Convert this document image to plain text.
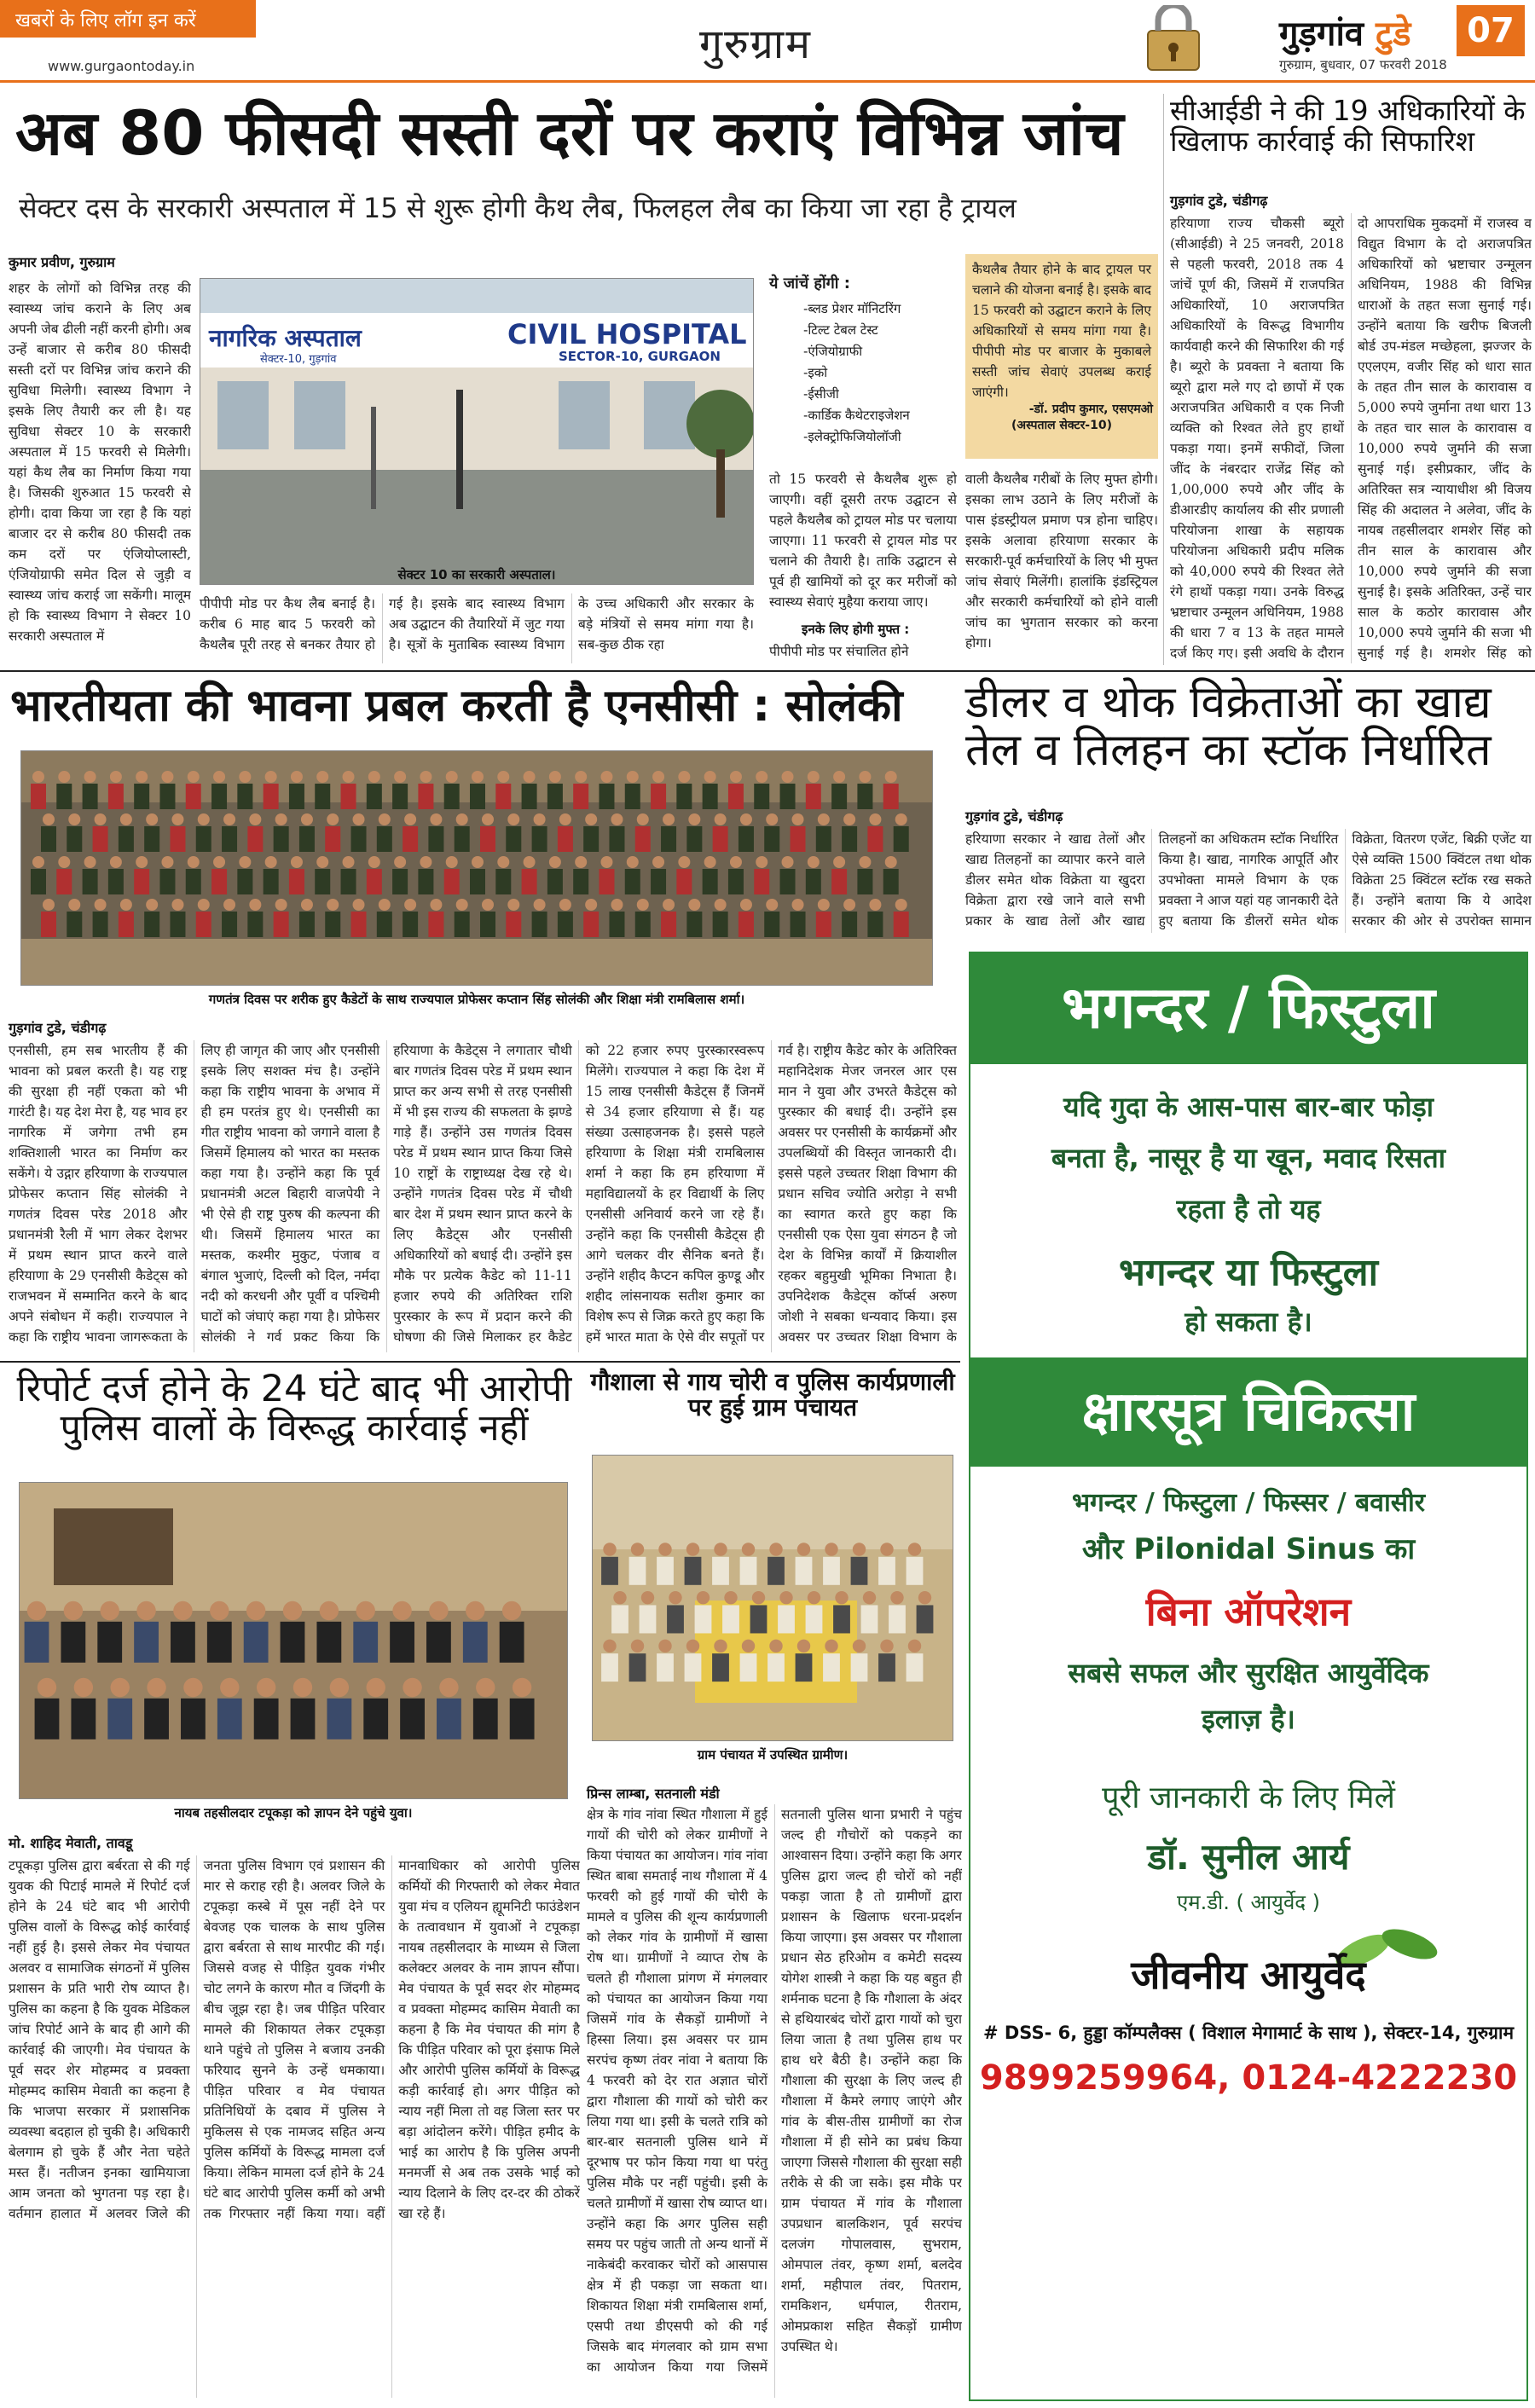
खबरों के लिए लॉग इन करें
www.gurgaontoday.in	गुरुग्राम	गुड़गांव टुडे
गुरुग्राम, बुधवार, 07 फरवरी 2018
07
अब 80 फीसदी सस्ती दरों पर कराएं विभिन्न जांच
सेक्टर दस के सरकारी अस्पताल में 15 से शुरू होगी कैथ लैब, फिलहल लैब का किया जा रहा है ट्रायल
कुमार प्रवीण, गुरुग्राम
शहर के लोगों को विभिन्न तरह की स्वास्थ्य जांच कराने के लिए अब अपनी जेब ढीली नहीं करनी होगी। अब उन्हें बाजार से करीब 80 फीसदी सस्ती दरों पर विभिन्न जांच कराने की सुविधा मिलेगी। स्वास्थ्य विभाग ने इसके लिए तैयारी कर ली है। यह सुविधा सेक्टर 10 के सरकारी अस्पताल में 15 फरवरी से मिलेगी। यहां कैथ लैब का निर्माण किया गया है। जिसकी शुरुआत 15 फरवरी से होगी। दावा किया जा रहा है कि यहां बाजार दर से करीब 80 फीसदी तक कम दरों पर एंजियोप्लास्टी, एंजियोग्राफी समेत दिल से जुड़ी व स्वास्थ्य जांच कराई जा सकेंगी। मालूम हो कि स्वास्थ्य विभाग ने सेक्टर 10 सरकारी अस्पताल में
नागरिक अस्पताल
सेक्टर-10, गुड़गांव
CIVIL HOSPITAL
SECTOR-10, GURGAON
सेक्टर 10 का सरकारी अस्पताल।
पीपीपी मोड पर कैथ लैब बनाई है। करीब 6 माह बाद 5 फरवरी को कैथलैब पूरी तरह से बनकर तैयार हो गई है। इसके बाद स्वास्थ्य विभाग अब उद्घाटन की तैयारियों में जुट गया है। सूत्रों के मुताबिक स्वास्थ्य विभाग के उच्च अधिकारी और सरकार के बड़े मंत्रियों से समय मांगा गया है। सब-कुछ ठीक रहा
ये जांचें होंगी :
-ब्लड प्रेशर मॉनिटरिंग
-टिल्ट टेबल टेस्ट
-एंजियोग्राफी
-इको
-ईसीजी
-कार्डिक कैथेटराइजेशन
-इलेक्ट्रोफिजियोलॉजी
तो 15 फरवरी से कैथलैब शुरू हो जाएगी। वहीं दूसरी तरफ उद्घाटन से पहले कैथलैब को ट्रायल मोड पर चलाया जाएगा। 11 फरवरी से ट्रायल मोड पर चलाने की तैयारी है। ताकि उद्घाटन से पूर्व ही खामियों को दूर कर मरीजों को स्वास्थ्य सेवाएं मुहैया कराया जाए।
इनके लिए होगी मुफ्त :
पीपीपी मोड पर संचालित होने
कैथलैब तैयार होने के बाद ट्रायल पर चलाने की योजना बनाई है। इसके बाद 15 फरवरी को उद्घाटन कराने के लिए अधिकारियों से समय मांगा गया है। पीपीपी मोड पर बाजार के मुकाबले सस्ती जांच सेवाएं उपलब्ध कराई जाएंगी।
-डॉ. प्रदीप कुमार, एसएमओ
(अस्पताल सेक्टर-10)
वाली कैथलैब गरीबों के लिए मुफ्त होगी। इसका लाभ उठाने के लिए मरीजों के पास इंडस्ट्रीयल प्रमाण पत्र होना चाहिए। इसके अलावा हरियाणा सरकार के सरकारी-पूर्व कर्मचारियों के लिए भी मुफ्त जांच सेवाएं मिलेंगी। हालांकि इंडस्ट्रियल और सरकारी कर्मचारियों को होने वाली जांच का भुगतान सरकार को करना होगा।
सीआईडी ने की 19 अधिकारियों के खिलाफ कार्रवाई की सिफारिश
गुड़गांव टुडे, चंडीगढ़
हरियाणा राज्य चौकसी ब्यूरो (सीआईडी) ने 25 जनवरी, 2018 से पहली फरवरी, 2018 तक 4 जांचें पूर्ण की, जिसमें में राजपत्रित अधिकारियों, 10 अराजपत्रित अधिकारियों के विरूद्ध विभागीय कार्यवाही करने की सिफारिश की गई है। ब्यूरो के प्रवक्ता ने बताया कि ब्यूरो द्वारा मले गए दो छापों में एक अराजपत्रित अधिकारी व एक निजी व्यक्ति को रिश्वत लेते हुए हाथों पकड़ा गया। इनमें सफीदों, जिला जींद के नंबरदार राजेंद्र सिंह को 1,00,000 रुपये और जींद के डीआरडीए कार्यालय की सीर प्रणाली परियोजना शाखा के सहायक परियोजना अधिकारी प्रदीप मलिक को 40,000 रुपये की रिश्वत लेते रंगे हाथों पकड़ा गया। उनके विरुद्ध भ्रष्टाचार उन्मूलन अधिनियम, 1988 की धारा 7 व 13 के तहत मामले दर्ज किए गए। इसी अवधि के दौरान दो आपराधिक मुकदमों में राजस्व व विद्युत विभाग के दो अराजपत्रित अधिकारियों को भ्रष्टाचार उन्मूलन अधिनियम, 1988 की विभिन्न धाराओं के तहत सजा सुनाई गई। उन्होंने बताया कि खरीफ बिजली बोर्ड उप-मंडल मच्छेहला, झज्जर के एएलएम, वजीर सिंह को धारा सात के तहत तीन साल के कारावास व 5,000 रुपये जुर्माना तथा धारा 13 के तहत चार साल के कारावास व 10,000 रुपये जुर्माने की सजा सुनाई गई। इसीप्रकार, जींद के अतिरिक्त सत्र न्यायाधीश श्री विजय सिंह की अदालत ने अलेवा, जींद के नायब तहसीलदार शमशेर सिंह को तीन साल के कारावास और 10,000 रुपये जुर्माने की सजा सुनाई है। इसके अतिरिक्त, उन्हें चार साल के कठोर कारावास और 10,000 रुपये जुर्माने की सजा भी सुनाई गई है। शमशेर सिंह को
भारतीयता की भावना प्रबल करती है एनसीसी : सोलंकी
गणतंत्र दिवस पर शरीक हुए कैडेटों के साथ राज्यपाल प्रोफेसर कप्तान सिंह सोलंकी और शिक्षा मंत्री रामबिलास शर्मा।
गुड़गांव टुडे, चंडीगढ़
एनसीसी, हम सब भारतीय हैं की भावना को प्रबल करती है। यह राष्ट्र की सुरक्षा ही नहीं एकता को भी गारंटी है। यह देश मेरा है, यह भाव हर नागरिक में जगेगा तभी हम शक्तिशाली भारत का निर्माण कर सकेंगे। ये उद्गार हरियाणा के राज्यपाल प्रोफेसर कप्तान सिंह सोलंकी ने गणतंत्र दिवस परेड 2018 और प्रधानमंत्री रैली में भाग लेकर देशभर में प्रथम स्थान प्राप्त करने वाले हरियाणा के 29 एनसीसी कैडेट्स को राजभवन में सम्मानित करने के बाद अपने संबोधन में कही। राज्यपाल ने कहा कि राष्ट्रीय भावना जागरूकता के लिए ही जागृत की जाए और एनसीसी इसके लिए सशक्त मंच है। उन्होंने कहा कि राष्ट्रीय भावना के अभाव में ही हम परतंत्र हुए थे। एनसीसी का गीत राष्ट्रीय भावना को जगाने वाला है जिसमें हिमालय को भारत का मस्तक कहा गया है। उन्होंने कहा कि पूर्व प्रधानमंत्री अटल बिहारी वाजपेयी ने भी ऐसे ही राष्ट्र पुरुष की कल्पना की थी। जिसमें हिमालय भारत का मस्तक, कश्मीर मुकुट, पंजाब व बंगाल भुजाएं, दिल्ली को दिल, नर्मदा नदी को करधनी और पूर्वी व पश्चिमी घाटों को जंघाएं कहा गया है। प्रोफेसर सोलंकी ने गर्व प्रकट किया कि हरियाणा के कैडेट्स ने लगातार चौथी बार गणतंत्र दिवस परेड में प्रथम स्थान प्राप्त कर अन्य सभी से तरह एनसीसी में भी इस राज्य की सफलता के झण्डे गाड़े हैं। उन्होंने उस गणतंत्र दिवस परेड में प्रथम स्थान प्राप्त किया जिसे 10 राष्ट्रों के राष्ट्राध्यक्ष देख रहे थे। उन्होंने गणतंत्र दिवस परेड में चौथी बार देश में प्रथम स्थान प्राप्त करने के लिए कैडेट्स और एनसीसी अधिकारियों को बधाई दी। उन्होंने इस मौके पर प्रत्येक कैडेट को 11-11 हजार रुपये की अतिरिक्त राशि पुरस्कार के रूप में प्रदान करने की घोषणा की जिसे मिलाकर हर कैडेट को 22 हजार रुपए पुरस्कारस्वरूप मिलेंगे। राज्यपाल ने कहा कि देश में 15 लाख एनसीसी कैडेट्स हैं जिनमें से 34 हजार हरियाणा से हैं। यह संख्या उत्साहजनक है। इससे पहले हरियाणा के शिक्षा मंत्री रामबिलास शर्मा ने कहा कि हम हरियाणा में महाविद्यालयों के हर विद्यार्थी के लिए एनसीसी अनिवार्य करने जा रहे हैं। उन्होंने कहा कि एनसीसी कैडेट्स ही आगे चलकर वीर सैनिक बनते हैं। उन्होंने शहीद कैप्टन कपिल कुण्डू और शहीद लांसनायक सतीश कुमार का विशेष रूप से जिक्र करते हुए कहा कि हमें भारत माता के ऐसे वीर सपूतों पर गर्व है। राष्ट्रीय कैडेट कोर के अतिरिक्त महानिदेशक मेजर जनरल आर एस मान ने युवा और उभरते कैडेट्स को पुरस्कार की बधाई दी। उन्होंने इस अवसर पर एनसीसी के कार्यक्रमों और उपलब्धियों की विस्तृत जानकारी दी। इससे पहले उच्चतर शिक्षा विभाग की प्रधान सचिव ज्योति अरोड़ा ने सभी का स्वागत करते हुए कहा कि एनसीसी एक ऐसा युवा संगठन है जो देश के विभिन्न कार्यों में क्रियाशील रहकर बहुमुखी भूमिका निभाता है। उपनिदेशक कैडेट्स कॉर्प्स अरुण जोशी ने सबका धन्यवाद किया। इस अवसर पर उच्चतर शिक्षा विभाग के
डीलर व थोक विक्रेताओं का खाद्य तेल व तिलहन का स्टॉक निर्धारित
गुड़गांव टुडे, चंडीगढ़
हरियाणा सरकार ने खाद्य तेलों और खाद्य तिलहनों का व्यापार करने वाले डीलर समेत थोक विक्रेता या खुदरा विक्रेता द्वारा रखे जाने वाले सभी प्रकार के खाद्य तेलों और खाद्य तिलहनों का अधिकतम स्टॉक निर्धारित किया है। खाद्य, नागरिक आपूर्ति और उपभोक्ता मामले विभाग के एक प्रवक्ता ने आज यहां यह जानकारी देते हुए बताया कि डीलरों समेत थोक विक्रेता, वितरण एजेंट, बिक्री एजेंट या ऐसे व्यक्ति 1500 क्विंटल तथा थोक विक्रेता 25 क्विंटल स्टॉक रख सकते हैं। उन्होंने बताया कि ये आदेश सरकार की ओर से उपरोक्त सामान
रिपोर्ट दर्ज होने के 24 घंटे बाद भी आरोपी पुलिस वालों के विरूद्ध कार्रवाई नहीं
नायब तहसीलदार टपूकड़ा को ज्ञापन देने पहुंचे युवा।
मो. शाहिद मेवाती, तावडू
टपूकड़ा पुलिस द्वारा बर्बरता से की गई युवक की पिटाई मामले में रिपोर्ट दर्ज होने के 24 घंटे बाद भी आरोपी पुलिस वालों के विरूद्ध कोई कार्रवाई नहीं हुई है। इससे लेकर मेव पंचायत अलवर व सामाजिक संगठनों में पुलिस प्रशासन के प्रति भारी रोष व्याप्त है। पुलिस का कहना है कि युवक मेडिकल जांच रिपोर्ट आने के बाद ही आगे की कार्रवाई की जाएगी। मेव पंचायत के पूर्व सदर शेर मोहम्मद व प्रवक्ता मोहम्मद कासिम मेवाती का कहना है कि भाजपा सरकार में प्रशासनिक व्यवस्था बदहाल हो चुकी है। अधिकारी बेलगाम हो चुके हैं और नेता चहेते मस्त हैं। नतीजन इनका खामियाजा आम जनता को भुगतना पड़ रहा है। वर्तमान हालात में अलवर जिले की जनता पुलिस विभाग एवं प्रशासन की मार से कराह रही है। अलवर जिले के टपूकड़ा कस्बे में पूस नहीं देने पर बेवजह एक चालक के साथ पुलिस द्वारा बर्बरता से साथ मारपीट की गई। जिससे वजह से पीड़ित युवक गंभीर चोट लगने के कारण मौत व जिंदगी के बीच जूझ रहा है। जब पीड़ित परिवार मामले की शिकायत लेकर टपूकड़ा थाने पहुंचे तो पुलिस ने बजाय उनकी फरियाद सुनने के उन्हें धमकाया। पीड़ित परिवार व मेव पंचायत प्रतिनिधियों के दबाव में पुलिस ने मुकिलस से एक नामजद सहित अन्य पुलिस कर्मियों के विरूद्ध मामला दर्ज किया। लेकिन मामला दर्ज होने के 24 घंटे बाद आरोपी पुलिस कर्मी को अभी तक गिरफ्तार नहीं किया गया। वहीं मानवाधिकार को आरोपी पुलिस कर्मियों की गिरफ्तारी को लेकर मेवात युवा मंच व एलियन ह्यूमनिटी फाउंडेशन के तत्वावधान में युवाओं ने टपूकड़ा नायब तहसीलदार के माध्यम से जिला कलेक्टर अलवर के नाम ज्ञापन सौंपा। मेव पंचायत के पूर्व सदर शेर मोहम्मद व प्रवक्ता मोहम्मद कासिम मेवाती का कहना है कि मेव पंचायत की मांग है कि पीड़ित परिवार को पूरा इंसाफ मिले और आरोपी पुलिस कर्मियों के विरूद्ध कड़ी कार्रवाई हो। अगर पीड़ित को न्याय नहीं मिला तो वह जिला स्तर पर बड़ा आंदोलन करेंगे। पीड़ित हमीद के भाई का आरोप है कि पुलिस अपनी मनमर्जी से अब तक उसके भाई को न्याय दिलाने के लिए दर-दर की ठोकरें खा रहे हैं।
गौशाला से गाय चोरी व पुलिस कार्यप्रणाली पर हुई ग्राम पंचायत
ग्राम पंचायत में उपस्थित ग्रामीण।
प्रिन्स लाम्बा, सतनाली मंडी
क्षेत्र के गांव नांवा स्थित गौशाला में हुई गायों की चोरी को लेकर ग्रामीणों ने किया पंचायत का आयोजन। गांव नांवा स्थित बाबा समताई नाथ गौशाला में 4 फरवरी को हुई गायों की चोरी के मामले व पुलिस की शून्य कार्यप्रणाली को लेकर गांव के ग्रामीणों में खासा रोष था। ग्रामीणों ने व्याप्त रोष के चलते ही गौशाला प्रांगण में मंगलवार को पंचायत का आयोजन किया गया जिसमें गांव के सैकड़ों ग्रामीणों ने हिस्सा लिया। इस अवसर पर ग्राम सरपंच कृष्ण तंवर नांवा ने बताया कि 4 फरवरी को देर रात अज्ञात चोरों द्वारा गौशाला की गायों को चोरी कर लिया गया था। इसी के चलते रात्रि को बार-बार सतनाली पुलिस थाने में दूरभाष पर फोन किया गया था परंतु पुलिस मौके पर नहीं पहुंची। इसी के चलते ग्रामीणों में खासा रोष व्याप्त था। उन्होंने कहा कि अगर पुलिस सही समय पर पहुंच जाती तो अन्य थानों में नाकेबंदी करवाकर चोरों को आसपास क्षेत्र में ही पकड़ा जा सकता था। शिकायत शिक्षा मंत्री रामबिलास शर्मा, एसपी तथा डीएसपी को की गई जिसके बाद मंगलवार को ग्राम सभा का आयोजन किया गया जिसमें सतनाली पुलिस थाना प्रभारी ने पहुंच जल्द ही गौचोरों को पकड़ने का आश्वासन दिया। उन्होंने कहा कि अगर पुलिस द्वारा जल्द ही चोरों को नहीं पकड़ा जाता है तो ग्रामीणों द्वारा प्रशासन के खिलाफ धरना-प्रदर्शन किया जाएगा। इस अवसर पर गौशाला प्रधान सेठ हरिओम व कमेटी सदस्य योगेश शास्त्री ने कहा कि यह बहुत ही शर्मनाक घटना है कि गौशाला के अंदर से हथियारबंद चोरों द्वारा गायों को चुरा लिया जाता है तथा पुलिस हाथ पर हाथ धरे बैठी है। उन्होंने कहा कि गौशाला की सुरक्षा के लिए जल्द ही गौशाला में कैमरे लगाए जाएंगे और गांव के बीस-तीस ग्रामीणों का रोज गौशाला में ही सोने का प्रबंध किया जाएगा जिससे गौशाला की सुरक्षा सही तरीके से की जा सके। इस मौके पर ग्राम पंचायत में गांव के गौशाला उपप्रधान बालकिशन, पूर्व सरपंच दलजंग गोपालवास, सुभराम, ओमपाल तंवर, कृष्ण शर्मा, बलदेव शर्मा, महीपाल तंवर, पितराम, रामकिशन, धर्मपाल, रीतराम, ओमप्रकाश सहित सैकड़ों ग्रामीण उपस्थित थे।
भगन्दर / फिस्टुला
यदि गुदा के आस-पास बार-बार फोड़ा
बनता है, नासूर है या खून, मवाद रिसता
रहता है तो यह
भगन्दर या फिस्टुला
हो सकता है।
क्षारसूत्र चिकित्सा
भगन्दर / फिस्टुला / फिस्सर / बवासीर
और Pilonidal Sinus का
बिना ऑपरेशन
सबसे सफल और सुरक्षित आयुर्वेदिक
इलाज़ है।
पूरी जानकारी के लिए मिलें
डॉ. सुनील आर्य
एम.डी. ( आयुर्वेद )
जीवनीय आयुर्वेद
# DSS- 6, हुड्डा कॉम्पलैक्स ( विशाल मेगामार्ट के साथ ), सेक्टर-14, गुरुग्राम
9899259964, 0124-4222230
